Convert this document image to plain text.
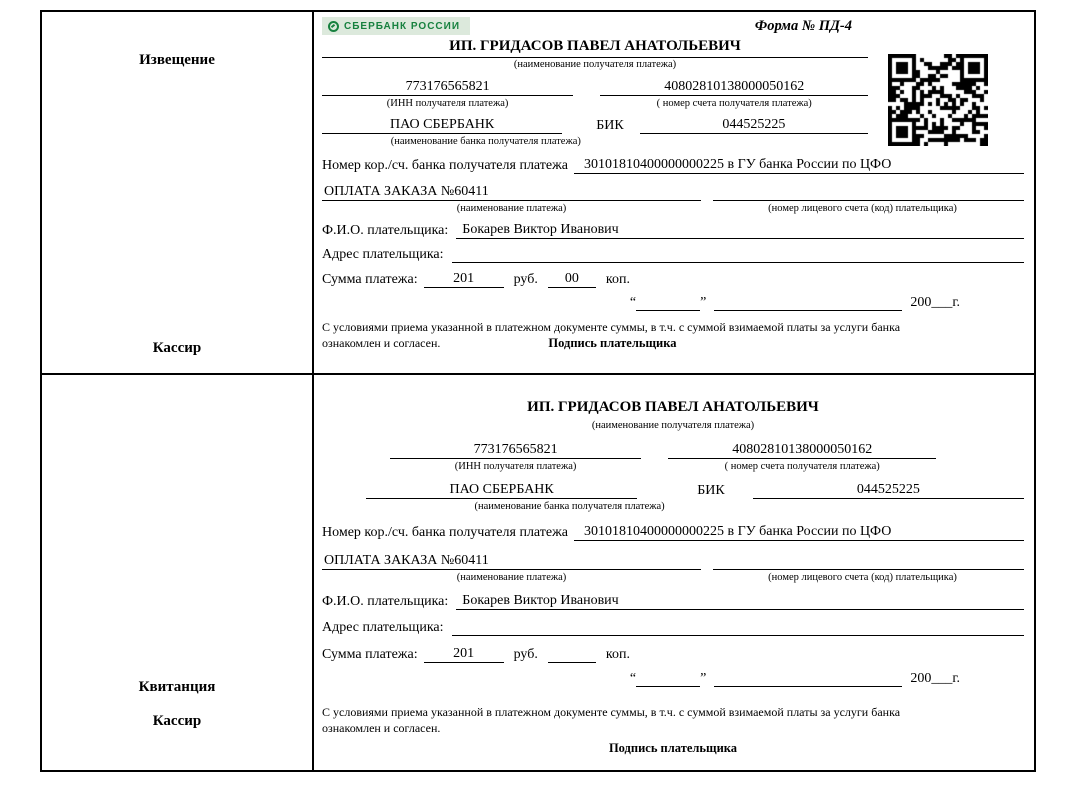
Извещение
Кассир
СБЕРБАНК РОССИИ	Форма № ПД-4
ИП. ГРИДАСОВ ПАВЕЛ АНАТОЛЬЕВИЧ
(наименование получателя платежа)
773176565821	40802810138000050162
(ИНН получателя платежа)	( номер счета получателя платежа)
ПАО СБЕРБАНК	БИК	044525225
(наименование банка получателя платежа)
Номер кор./сч. банка получателя платежа	30101810400000000225 в ГУ банка России по ЦФО
ОПЛАТА ЗАКАЗА №60411
(наименование платежа)	(номер лицевого счета (код) плательщика)
Ф.И.О. плательщика:	Бокарев Виктор Иванович
Адрес плательщика:
Сумма платежа:	201	руб.	00	коп.
“	”	200___г.
С условиями приема указанной в платежном документе суммы, в т.ч. с суммой взимаемой платы за услуги банка
ознакомлен и согласен.	Подпись плательщика
Квитанция
Кассир
ИП. ГРИДАСОВ ПАВЕЛ АНАТОЛЬЕВИЧ
(наименование получателя платежа)
773176565821	40802810138000050162
(ИНН получателя платежа)	( номер счета получателя платежа)
ПАО СБЕРБАНК	БИК	044525225
(наименование банка получателя платежа)
Номер кор./сч. банка получателя платежа	30101810400000000225 в ГУ банка России по ЦФО
ОПЛАТА ЗАКАЗА №60411
(наименование платежа)	(номер лицевого счета (код) плательщика)
Ф.И.О. плательщика:	Бокарев Виктор Иванович
Адрес плательщика:
Сумма платежа:	201	руб.	коп.
“	”	200___г.
С условиями приема указанной в платежном документе суммы, в т.ч. с суммой взимаемой платы за услуги банка
ознакомлен и согласен.
Подпись плательщика
